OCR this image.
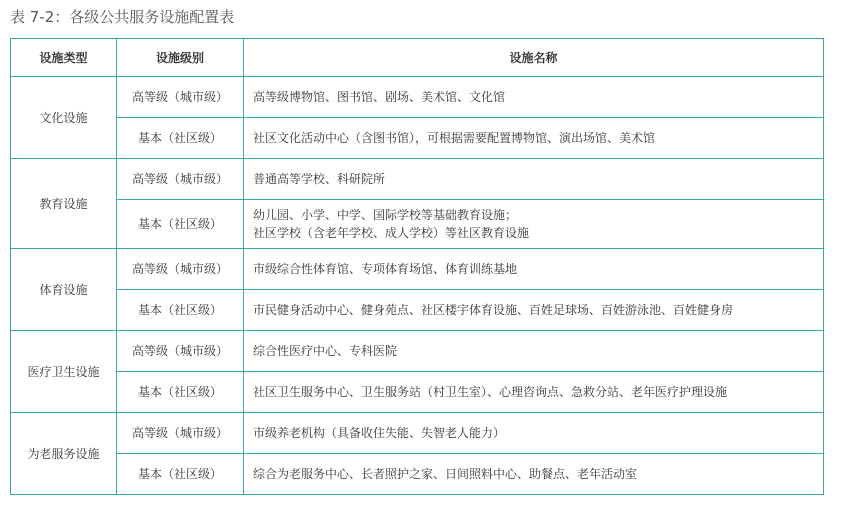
表 7-2：各级公共服务设施配置表
设施类型	设施级别	设施名称
文化设施	高等级（城市级）	高等级博物馆、图书馆、剧场、美术馆、文化馆

	基本（社区级）	社区文化活动中心（含图书馆），可根据需要配置博物馆、演出场馆、美术馆

教育设施	高等级（城市级）	普通高等学校、科研院所

	基本（社区级）	幼儿园、小学、中学、国际学校等基础教育设施；
社区学校（含老年学校、成人学校）等社区教育设施

体育设施	高等级（城市级）	市级综合性体育馆、专项体育场馆、体育训练基地

	基本（社区级）	市民健身活动中心、健身苑点、社区楼宇体育设施、百姓足球场、百姓游泳池、百姓健身房

医疗卫生设施	高等级（城市级）	综合性医疗中心、专科医院

	基本（社区级）	社区卫生服务中心、卫生服务站（村卫生室）、心理咨询点、急救分站、老年医疗护理设施

为老服务设施	高等级（城市级）	市级养老机构（具备收住失能、失智老人能力）

	基本（社区级）	综合为老服务中心、长者照护之家、日间照料中心、助餐点、老年活动室
